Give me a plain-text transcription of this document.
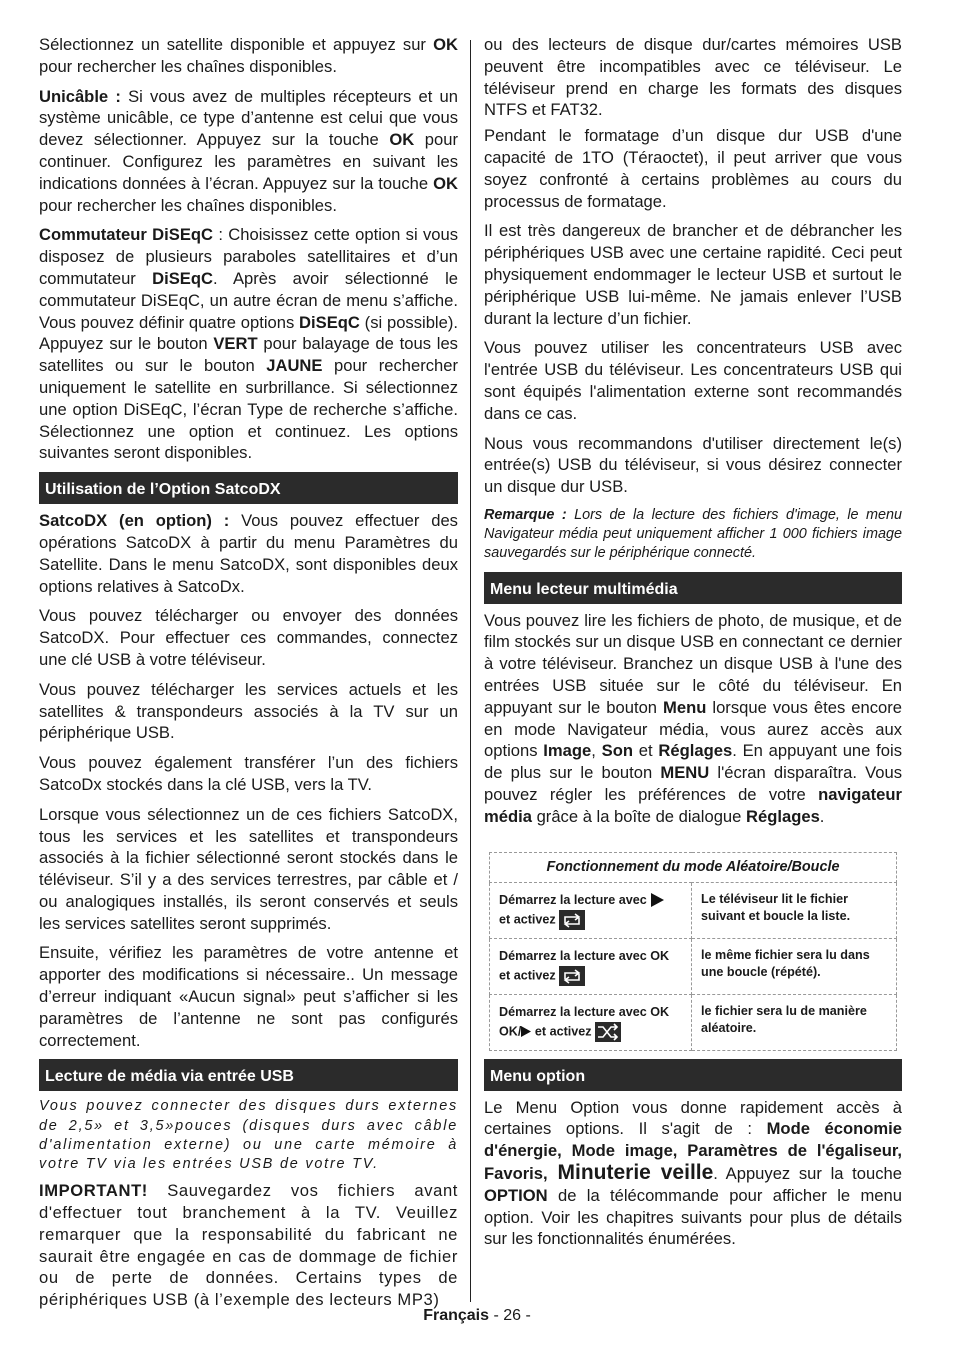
Sélectionnez un satellite disponible et appuyez sur OK pour rechercher les chaînes disponibles.

Unicâble : Si vous avez de multiples récepteurs et un système unicâble, ce type d’antenne est celui que vous devez sélectionner. Appuyez sur la touche OK pour continuer. Configurez les paramètres en suivant les indications données à l’écran. Appuyez sur la touche OK pour rechercher les chaînes disponibles.

Commutateur DiSEqC : Choisissez cette option si vous disposez de plusieurs paraboles satellitaires et d’un commutateur DiSEqC. Après avoir sélectionné le commutateur DiSEqC, un autre écran de menu s’affiche. Vous pouvez définir quatre options DiSEqC (si possible). Appuyez sur le bouton VERT pour balayage de tous les satellites ou sur le bouton JAUNE pour rechercher uniquement le satellite en surbrillance. Si sélectionnez une option DiSEqC, l’écran Type de recherche s’affiche. Sélectionnez une option et continuez. Les options suivantes seront disponibles.

Utilisation de l’Option SatcoDX

SatcoDX (en option) : Vous pouvez effectuer des opérations SatcoDX à partir du menu Paramètres du Satellite. Dans le menu SatcoDX, sont disponibles deux options relatives à SatcoDx.

Vous pouvez télécharger ou envoyer des données SatcoDX. Pour effectuer ces commandes, connectez une clé USB à votre téléviseur.

Vous pouvez télécharger les services actuels et les satellites & transpondeurs associés à la TV sur un périphérique USB.

Vous pouvez également transférer l’un des fichiers SatcoDx stockés dans la clé USB, vers la TV.

Lorsque vous sélectionnez un de ces fichiers SatcoDX, tous les services et les satellites et transpondeurs associés à la fichier sélectionné seront stockés dans le téléviseur. S’il y a des services terrestres, par câble et / ou analogiques installés, ils seront conservés et seuls les services satellites seront supprimés.

Ensuite, vérifiez les paramètres de votre antenne et apporter des modifications si nécessaire.. Un message d’erreur indiquant «Aucun signal» peut s’afficher si les paramètres de l’antenne ne sont pas configurés correctement.

Lecture de média via entrée USB
Vous pouvez connecter des disques durs externes de 2,5» et 3,5»pouces (disques durs avec câble d'alimentation externe) ou une carte mémoire à votre TV via les entrées USB de votre TV.

IMPORTANT! Sauvegardez vos fichiers avant d'effectuer tout branchement à la TV. Veuillez remarquer que la responsabilité du fabricant ne saurait être engagée en cas de dommage de fichier ou de perte de données. Certains types de périphériques USB (à l’exemple des lecteurs MP3)

ou des lecteurs de disque dur/cartes mémoires USB peuvent être incompatibles avec ce téléviseur. Le téléviseur prend en charge les formats des disques NTFS et FAT32.

Pendant le formatage d’un disque dur USB d'une capacité de 1TO (Téraoctet), il peut arriver que vous soyez confronté à certains problèmes au cours du processus de formatage.

Il est très dangereux de brancher et de débrancher les périphériques USB avec une certaine rapidité. Ceci peut physiquement endommager le lecteur USB et surtout le périphérique USB lui-même. Ne jamais enlever l’USB durant la lecture d’un fichier.

Vous pouvez utiliser les concentrateurs USB avec l'entrée USB du téléviseur. Les concentrateurs USB qui sont équipés l'alimentation externe sont recommandés dans ce cas.

Nous vous recommandons d'utiliser directement le(s) entrée(s) USB du téléviseur, si vous désirez connecter un disque dur USB.

Remarque : Lors de la lecture des fichiers d'image, le menu Navigateur média peut uniquement afficher 1 000 fichiers image sauvegardés sur le périphérique connecté.
Menu lecteur multimédia

Vous pouvez lire les fichiers de photo, de musique, et de film stockés sur un disque USB en connectant ce dernier à votre téléviseur. Branchez un disque USB à l'une des entrées USB située sur le côté du téléviseur. En appuyant sur le bouton Menu lorsque vous êtes encore en mode Navigateur média, vous aurez accès aux options Image, Son et Réglages. En appuyant une fois de plus sur le bouton MENU l'écran disparaîtra. Vous pouvez régler les préférences de votre navigateur média grâce à la boîte de dialogue Réglages.

Fonctionnement du mode Aléatoire/Boucle	
Démarrez la lecture avec
et activez	Le téléviseur lit le fichier suivant et boucle la liste.
Démarrez la lecture avec OK
et activez	le même fichier sera lu dans une boucle (répété).
Démarrez la lecture avec OK
OK/ et activez	le fichier sera lu de manière aléatoire.
Menu option

Le Menu Option vous donne rapidement accès à certaines options. Il s'agit de : Mode économie d'énergie, Mode image, Paramètres de l'égaliseur, Favoris, Minuterie veille. Appuyez sur la touche OPTION de la télécommande pour afficher le menu option. Voir les chapitres suivants pour plus de détails sur les fonctionnalités énumérées.

Français - 26 -
